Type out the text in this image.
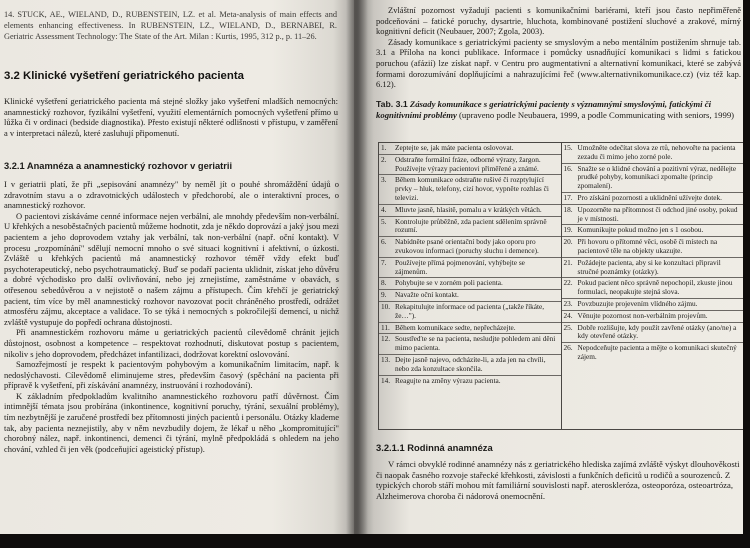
14. STUCK, AE., WIELAND, D., RUBENSTEIN, LZ. et al. Meta-analysis of main effects and elements enhancing effectiveness. In RUBENSTEIN, LZ., WIELAND, D., BERNABEI, R. Geriatric Assessment Technology: The State of the Art. Milan : Kurtis, 1995, 312 p., p. 11–26.
3.2 Klinické vyšetření geriatrického pacienta
Klinické vyšetření geriatrického pacienta má stejné složky jako vyšetření mladších nemocných: anamnestický rozhovor, fyzikální vyšetření, využití elementárních pomocných vyšetření přímo u lůžka či v ordinaci (bedside diagnostika). Přesto existují některé odlišnosti v přístupu, v zaměření a v interpretaci nálezů, které zasluhují připomenutí.
3.2.1 Anamnéza a anamnestický rozhovor v geriatrii

I v geriatrii platí, že při „sepisování anamnézy" by neměl jít o pouhé shromáždění údajů o zdravotním stavu a o zdravotnických událostech v předchorobí, ale o interaktivní proces, o anamnestický rozhovor.

O pacientovi získáváme cenné informace nejen verbální, ale mnohdy především non-verbální. U křehkých a nesoběstačných pacientů můžeme hodnotit, zda je někdo doprovází a jaký jsou mezi pacientem a jeho doprovodem vztahy jak verbální, tak non-verbální (např. oční kontakt). V procesu „rozpomínání" sdělují nemocní mnoho o své situaci kognitivní i afektivní, o úzkosti. Zvláště u křehkých pacientů má anamnestický rozhovor téměř vždy efekt buď psychoterapeutický, nebo psychotraumatický. Buď se podaří pacienta uklidnit, získat jeho důvěru a dobré východisko pro další ovlivňování, nebo jej zrnejistíme, zaměstnáme v obavách, s otřesenou sebedůvěrou a v nejistotě o našem zájmu a přístupech. Čím křehčí je geriatrický pacient, tím více by měl anamnestický rozhovor navozovat pocit chráněného prostředí, odrážet atmosféru zájmu, akceptace a validace. To se týká i nemocných s pokročilejší demencí, u nichž zvláště vystupuje do popředí ochrana důstojnosti.

Při anamnestickém rozhovoru máme u geriatrických pacientů cílevědomě chránit jejich důstojnost, osobnost a kompetence – respektovat rozhodnutí, diskutovat postup s pacientem, nikoliv s jeho doprovodem, předcházet infantilizaci, dodržovat korektní oslovování.

Samozřejmostí je respekt k pacientovým pohybovým a komunikačním limitacím, např. k nedoslýchavosti. Cílevědomě eliminujeme stres, především časový (spěchání na pacienta při přípravě k vyšetření, při získávání anamnézy, instruování i rozhodování).

K základním předpokladům kvalitního anamnestického rozhovoru patří důvěrnost. Čím intimnější témata jsou probírána (inkontinence, kognitivní poruchy, týrání, sexuální problémy), tím nezbytnější je zaručené prostředí bez přítomnosti jiných pacientů i personálu. Otázky klademe tak, aby pacienta neznejistily, aby v něm nevzbudily dojem, že lékař u něho „kompromitující" chorobný nález, např. inkontinenci, demenci či týrání, mylně předpokládá s ohledem na jeho chování, vzhled či jen věk (podceňující ageistický přístup).

Zvláštní pozornost vyžadují pacienti s komunikačními bariérami, kteří jsou často nepřiměřeně podceňováni – fatické poruchy, dysartrie, hluchota, kombinované postižení sluchové a zrakové, mírný kognitivní deficit (Neubauer, 2007; Zgola, 2003).

Zásady komunikace s geriatrickými pacienty se smyslovým a nebo mentálním postižením shrnuje tab. 3.1 a Příloha na konci publikace. Informace i pomůcky usnadňující komunikaci s lidmi s fatickou poruchou (afázií) lze získat např. v Centru pro augmentativní a alternativní komunikaci, které se zabývá formami dorozumívání doplňujícími a nahrazujícími řeč (www.alternativnikomunikace.cz) (viz též kap. 6.12).

Tab. 3.1 Zásady komunikace s geriatrickými pacienty s významnými smyslovými, fatickými či kognitivními problémy (upraveno podle Neubauera, 1999, a podle Communicating with seniors, 1999)
1.	Zeptejte se, jak máte pacienta oslovovat.
2.	Odstraňte formální fráze, odborné výrazy, žargon. Používejte výrazy pacientovi přiměřené a známé.
3.	Během komunikace odstraňte rušivé či rozptylující prvky – hluk, telefony, cizí hovor, vypněte rozhlas či televizi.
4.	Mluvte jasně, hlasitě, pomalu a v krátkých větách.
5.	Kontrolujte průběžně, zda pacient sdělením správně rozumí.
6.	Nabídněte psané orientační body jako oporu pro zvukovou informaci (poruchy sluchu i demence).
7.	Používejte přímá pojmenování, vyhýbejte se zájmenům.
8.	Pohybujte se v zorném poli pacienta.
9.	Navažte oční kontakt.
10. Rekapitulujte informace od pacienta („takže říkáte, že…").
11. Během komunikace sedte, nepřecházejte.
12. Soustřeďte se na pacienta, nesludjte pohledem ani děni mimo pacienta.
13. Dejte jasně najevo, odcházíte-li, a zda jen na chvíli, nebo zda konzultace skončila.
14. Reagujte na změny výrazu pacienta.
15. Umožněte odečítat slova ze rtů, nehovořte na pacienta zezadu či mimo jeho zorné pole.
16. Snažte se o klidné chování a pozitivní výraz, nedělejte prudké pohyby, komunikaci zpomalte (princip zpomalení).
17. Pro získání pozornosti a uklidnění užívejte dotek.
18. Upozorněte na přítomnost či odchod jiné osoby, pokud je v místnosti.
19. Komunikujte pokud možno jen s 1 osobou.
20. Při hovoru o přítomné věci, osobě či místech na pacientově těle na objekty ukazujte.
21. Požádejte pacienta, aby si ke konzultaci připravil stručné poznámky (otázky).
22. Pokud pacient něco správně nepochopil, zkuste jinou formulaci, neopakujte stejná slova.
23. Povzbuzujte projevením vlídného zájmu.
24. Věnujte pozornost non-verbálním projevům.
25. Dobře rozlišujte, kdy použít zavřené otázky (ano/ne) a kdy otevřené otázky.
26. Nepodceňujte pacienta a mějte o komunikaci skutečný zájem.
3.2.1.1 Rodinná anamnéza

V rámci obvyklé rodinné anamnézy nás z geriatrického hlediska zajímá zvláště výskyt dlouhověkosti či naopak časného rozvoje stařecké křehkosti, závislosti a funkčních deficitů u rodičů a sourozenců. Z typických chorob stáří mohou mít familiární souvislosti např. ateroskleróza, osteoporóza, osteoartróza, Alzheimerova choroba či nádorová onemocnění.
